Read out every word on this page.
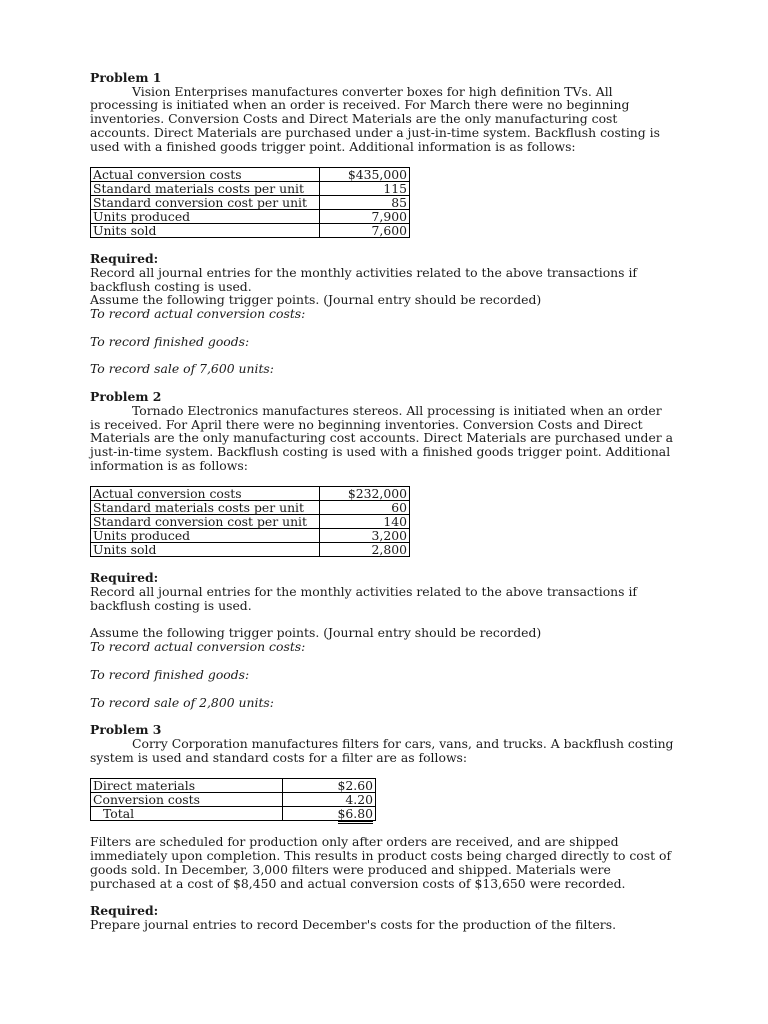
Problem 1

Vision Enterprises manufactures converter boxes for high definition TVs. All processing is initiated when an order is received. For March there were no beginning inventories. Conversion Costs and Direct Materials are the only manufacturing cost accounts. Direct Materials are purchased under a just-in-time system. Backflush costing is used with a finished goods trigger point. Additional information is as follows:

Actual conversion costs	$435,000
Standard materials costs per unit	115
Standard conversion cost per unit	85
Units produced	7,900
Units sold	7,600
Required:

Record all journal entries for the monthly activities related to the above transactions if backflush costing is used.

Assume the following trigger points. (Journal entry should be recorded)

To record actual conversion costs:

To record finished goods:

To record sale of 7,600 units:

Problem 2

Tornado Electronics manufactures stereos. All processing is initiated when an order is received. For April there were no beginning inventories. Conversion Costs and Direct Materials are the only manufacturing cost accounts. Direct Materials are purchased under a just-in-time system. Backflush costing is used with a finished goods trigger point. Additional information is as follows:

Actual conversion costs	$232,000
Standard materials costs per unit	60
Standard conversion cost per unit	140
Units produced	3,200
Units sold	2,800
Required:

Record all journal entries for the monthly activities related to the above transactions if backflush costing is used.

Assume the following trigger points. (Journal entry should be recorded)

To record actual conversion costs:

To record finished goods:

To record sale of 2,800 units:

Problem 3

Corry Corporation manufactures filters for cars, vans, and trucks. A backflush costing system is used and standard costs for a filter are as follows:

Direct materials	$2.60
Conversion costs	4.20
Total	$6.80

Filters are scheduled for production only after orders are received, and are shipped immediately upon completion. This results in product costs being charged directly to cost of goods sold. In December, 3,000 filters were produced and shipped. Materials were purchased at a cost of $8,450 and actual conversion costs of $13,650 were recorded.

Required:

Prepare journal entries to record December's costs for the production of the filters.
